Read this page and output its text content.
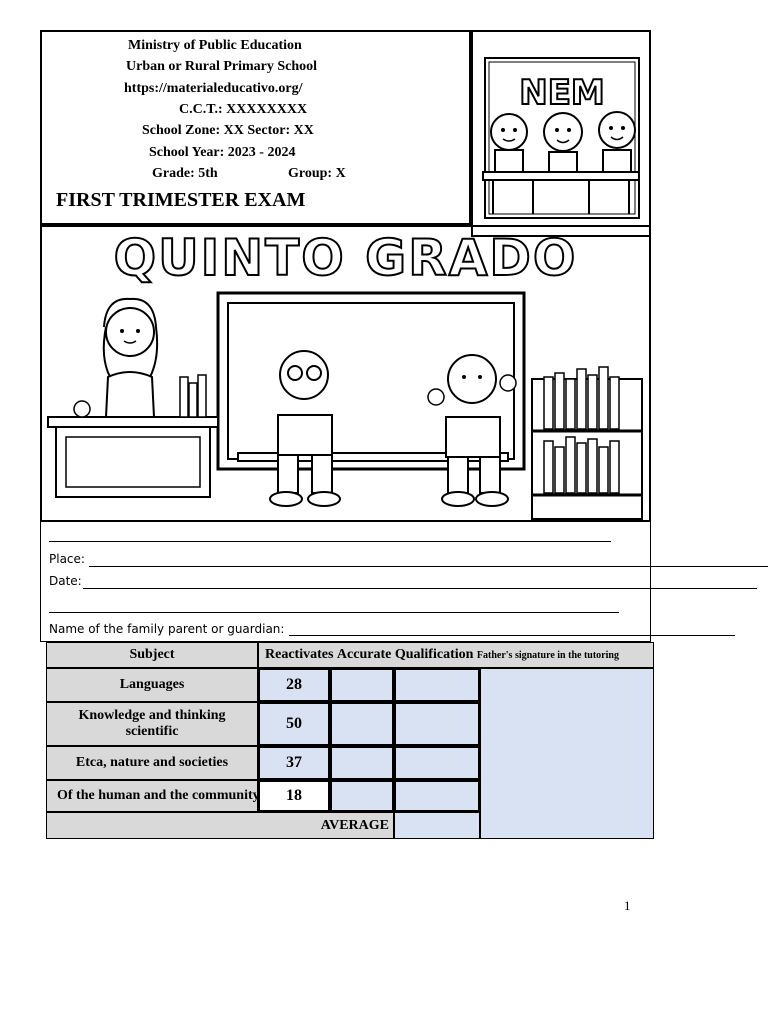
Ministry of Public Education
Urban or Rural Primary School
https://materialeducativo.org/
C.C.T.: XXXXXXXX
School Zone: XX Sector: XX
School Year: 2023 - 2024
Grade: 5th	Group: X
FIRST TRIMESTER EXAM
NEM
QUINTO GRADO
Place:
Date:
Name of the family parent or guardian:
Subject	Reactivates
Accurate
Qualification
Father's signature in the tutoring
Languages
Knowledge and thinking scientific
Etca, nature and societies
Of the human and the community
28
50
37
18
AVERAGE
1
